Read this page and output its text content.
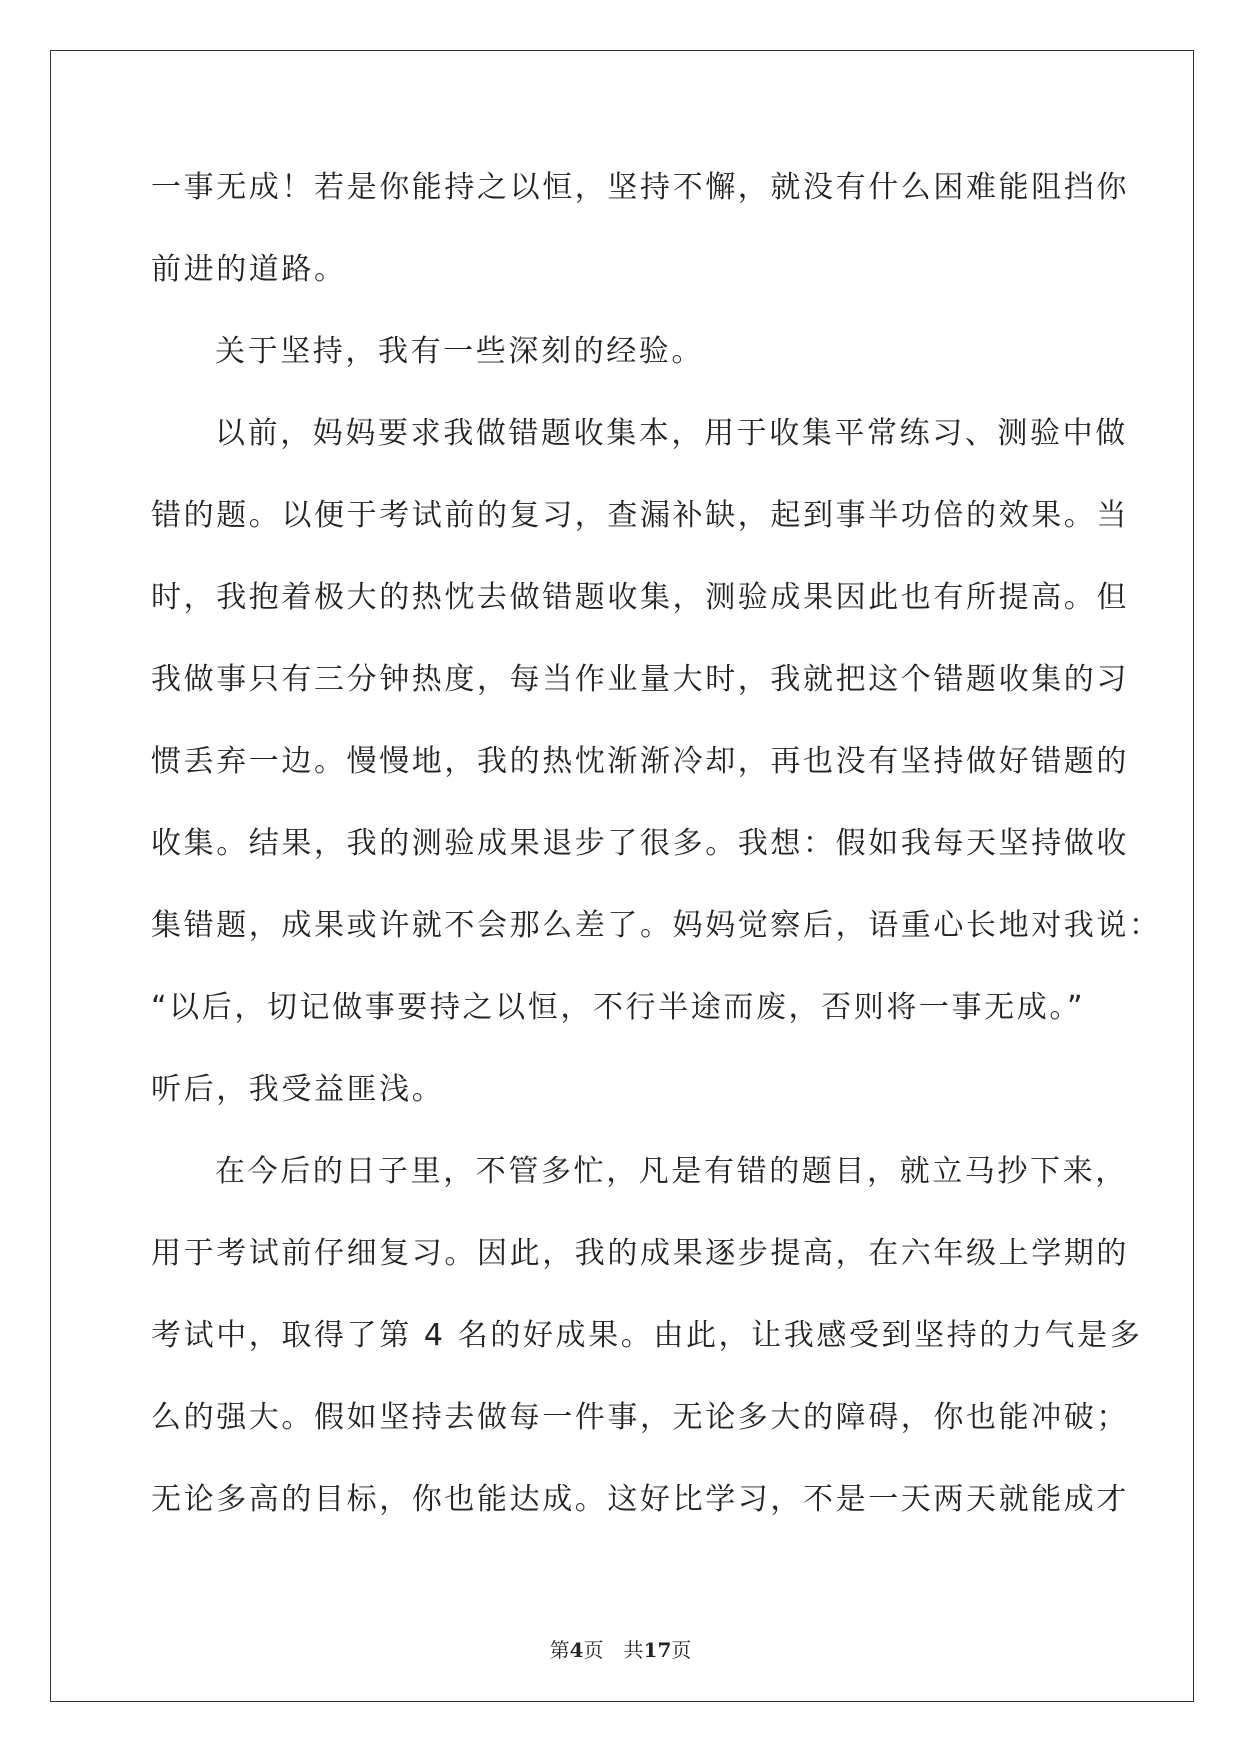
一事无成！若是你能持之以恒，坚持不懈，就没有什么困难能阻挡你
前进的道路。
关于坚持，我有一些深刻的经验。
以前，妈妈要求我做错题收集本，用于收集平常练习、测验中做
错的题。以便于考试前的复习，查漏补缺，起到事半功倍的效果。当
时，我抱着极大的热忱去做错题收集，测验成果因此也有所提高。但
我做事只有三分钟热度，每当作业量大时，我就把这个错题收集的习
惯丢弃一边。慢慢地，我的热忱渐渐冷却，再也没有坚持做好错题的
收集。结果，我的测验成果退步了很多。我想：假如我每天坚持做收
集错题，成果或许就不会那么差了。妈妈觉察后，语重心长地对我说：
“以后，切记做事要持之以恒，不行半途而废，否则将一事无成。”
听后，我受益匪浅。
在今后的日子里，不管多忙，凡是有错的题目，就立马抄下来，
用于考试前仔细复习。因此，我的成果逐步提高，在六年级上学期的
考试中，取得了第 4 名的好成果。由此，让我感受到坚持的力气是多
么的强大。假如坚持去做每一件事，无论多大的障碍，你也能冲破；
无论多高的目标，你也能达成。这好比学习，不是一天两天就能成才
第4页 共17页
